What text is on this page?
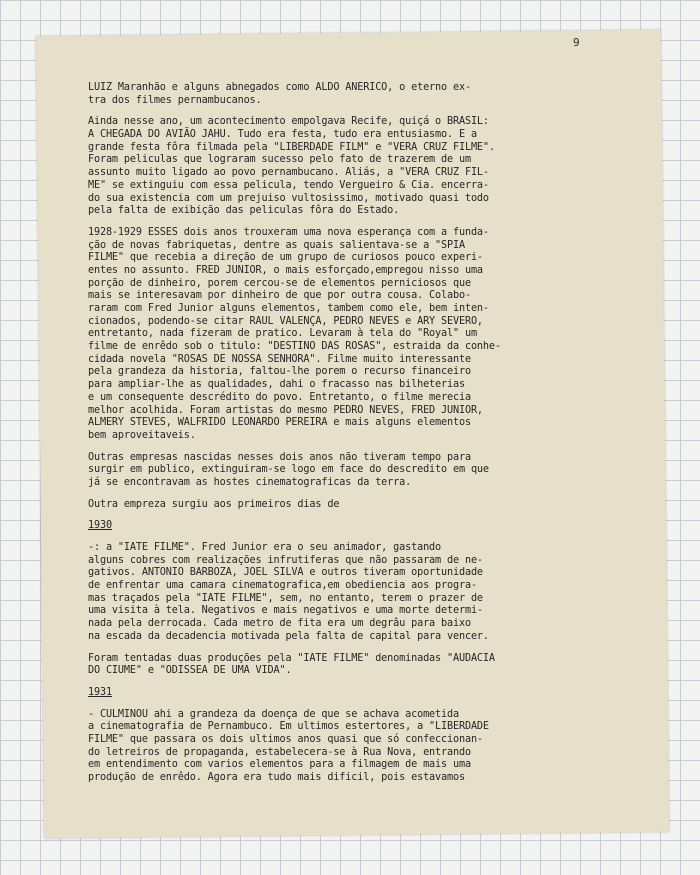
9
LUIZ Maranhão e alguns abnegados como ALDO ANERICO, o eterno ex-
tra dos filmes pernambucanos.
Ainda nesse ano, um acontecimento empolgava Recife, quiçá o BRASIL:
A CHEGADA DO AVIÃO JAHU. Tudo era festa, tudo era entusiasmo. E a
grande festa fôra filmada pela "LIBERDADE FILM" e "VERA CRUZ FILME".
Foram peliculas que lograram sucesso pelo fato de trazerem de um
assunto muito ligado ao povo pernambucano. Aliás, a "VERA CRUZ FIL-
ME" se extinguiu com essa pelicula, tendo Vergueiro & Cia. encerra-
do sua existencia com um prejuiso vultosissimo, motivado quasi todo
pela falta de exibição das peliculas fôra do Estado.
1928-1929 ESSES dois anos trouxeram uma nova esperança com a funda-
ção de novas fabriquetas, dentre as quais salientava-se a "SPIA
FILME" que recebia a direção de um grupo de curiosos pouco experi-
entes no assunto. FRED JUNIOR, o mais esforçado,empregou nisso uma
porção de dinheiro, porem cercou-se de elementos perniciosos que
mais se interesavam por dinheiro de que por outra cousa. Colabo-
raram com Fred Junior alguns elementos, tambem como ele, bem inten-
cionados, podendo-se citar RAUL VALENÇA, PEDRO NEVES e ARY SEVERO,
entretanto, nada fizeram de pratico. Levaram à tela do "Royal" um
filme de enrêdo sob o titulo: "DESTINO DAS ROSAS", estraida da conhe-
cidada novela "ROSAS DE NOSSA SENHORA". Filme muito interessante
pela grandeza da historia, faltou-lhe porem o recurso financeiro
para ampliar-lhe as qualidades, dahi o fracasso nas bilheterias
e um consequente descrédito do povo. Entretanto, o filme merecia
melhor acolhida. Foram artistas do mesmo PEDRO NEVES, FRED JUNIOR,
ALMERY STEVES, WALFRIDO LEONARDO PEREIRA e mais alguns elementos
bem aproveitaveis.
Outras empresas nascidas nesses dois anos não tiveram tempo para
surgir em publico, extinguiram-se logo em face do descredito em que
já se encontravam as hostes cinematograficas da terra.
Outra empreza surgiu aos primeiros dias de
1930
-: a "IATE FILME". Fred Junior era o seu animador, gastando
alguns cobres com realizações infrutiferas que não passaram de ne-
gativos. ANTONIO BARBOZA, JOEL SILVA e outros tiveram oportunidade
de enfrentar uma camara cinematografica,em obediencia aos progra-
mas traçados pela "IATE FILME", sem, no entanto, terem o prazer de
uma visita à tela. Negativos e mais negativos e uma morte determi-
nada pela derrocada. Cada metro de fita era um degrâu para baixo
na escada da decadencia motivada pela falta de capital para vencer.
Foram tentadas duas produções pela "IATE FILME" denominadas "AUDACIA
DO CIUME" e "ODISSEA DE UMA VIDA".
1931
- CULMINOU ahi a grandeza da doença de que se achava acometida
a cinematografia de Pernambuco. Em ultimos estertores, a "LIBERDADE
FILME" que passara os dois ultimos anos quasi que só confeccionan-
do letreiros de propaganda, estabelecera-se à Rua Nova, entrando
em entendimento com varios elementos para a filmagem de mais uma
produção de enrêdo. Agora era tudo mais dificil, pois estavamos
